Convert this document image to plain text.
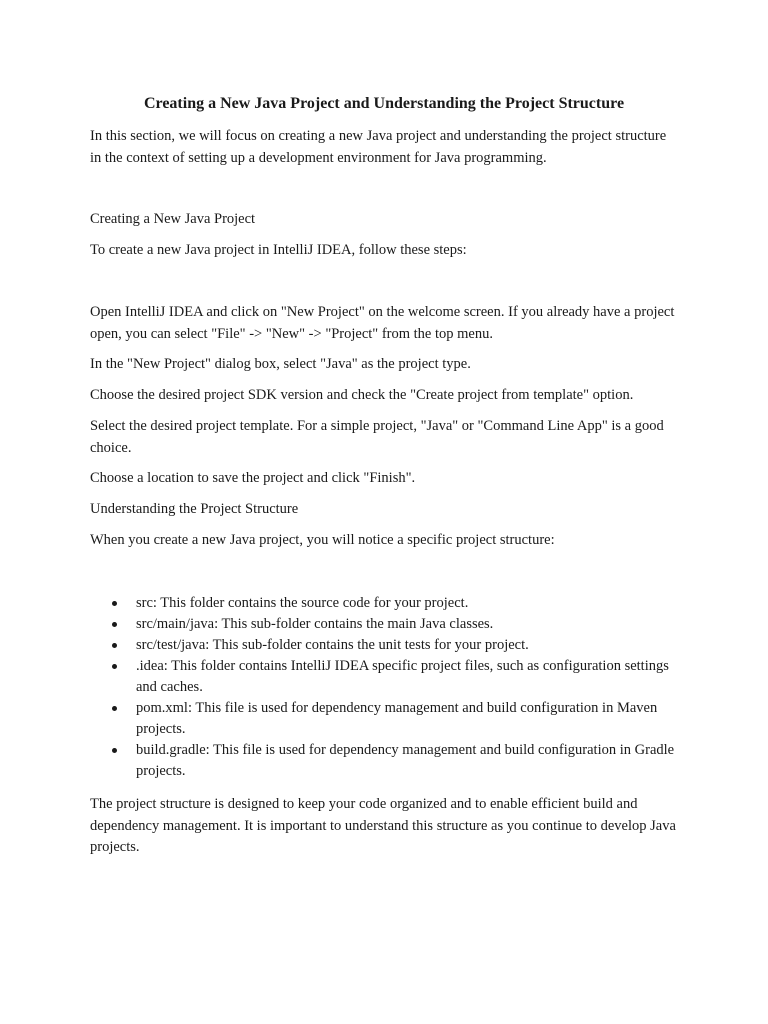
Creating a New Java Project and Understanding the Project Structure

In this section, we will focus on creating a new Java project and understanding the project structure in the context of setting up a development environment for Java programming.

Creating a New Java Project

To create a new Java project in IntelliJ IDEA, follow these steps:

Open IntelliJ IDEA and click on "New Project" on the welcome screen. If you already have a project open, you can select "File" -> "New" -> "Project" from the top menu.

In the "New Project" dialog box, select "Java" as the project type.

Choose the desired project SDK version and check the "Create project from template" option.

Select the desired project template. For a simple project, "Java" or "Command Line App" is a good choice.

Choose a location to save the project and click "Finish".

Understanding the Project Structure

When you create a new Java project, you will notice a specific project structure:

src: This folder contains the source code for your project.
src/main/java: This sub-folder contains the main Java classes.
src/test/java: This sub-folder contains the unit tests for your project.
.idea: This folder contains IntelliJ IDEA specific project files, such as configuration settings and caches.
pom.xml: This file is used for dependency management and build configuration in Maven projects.
build.gradle: This file is used for dependency management and build configuration in Gradle projects.

The project structure is designed to keep your code organized and to enable efficient build and dependency management. It is important to understand this structure as you continue to develop Java projects.
